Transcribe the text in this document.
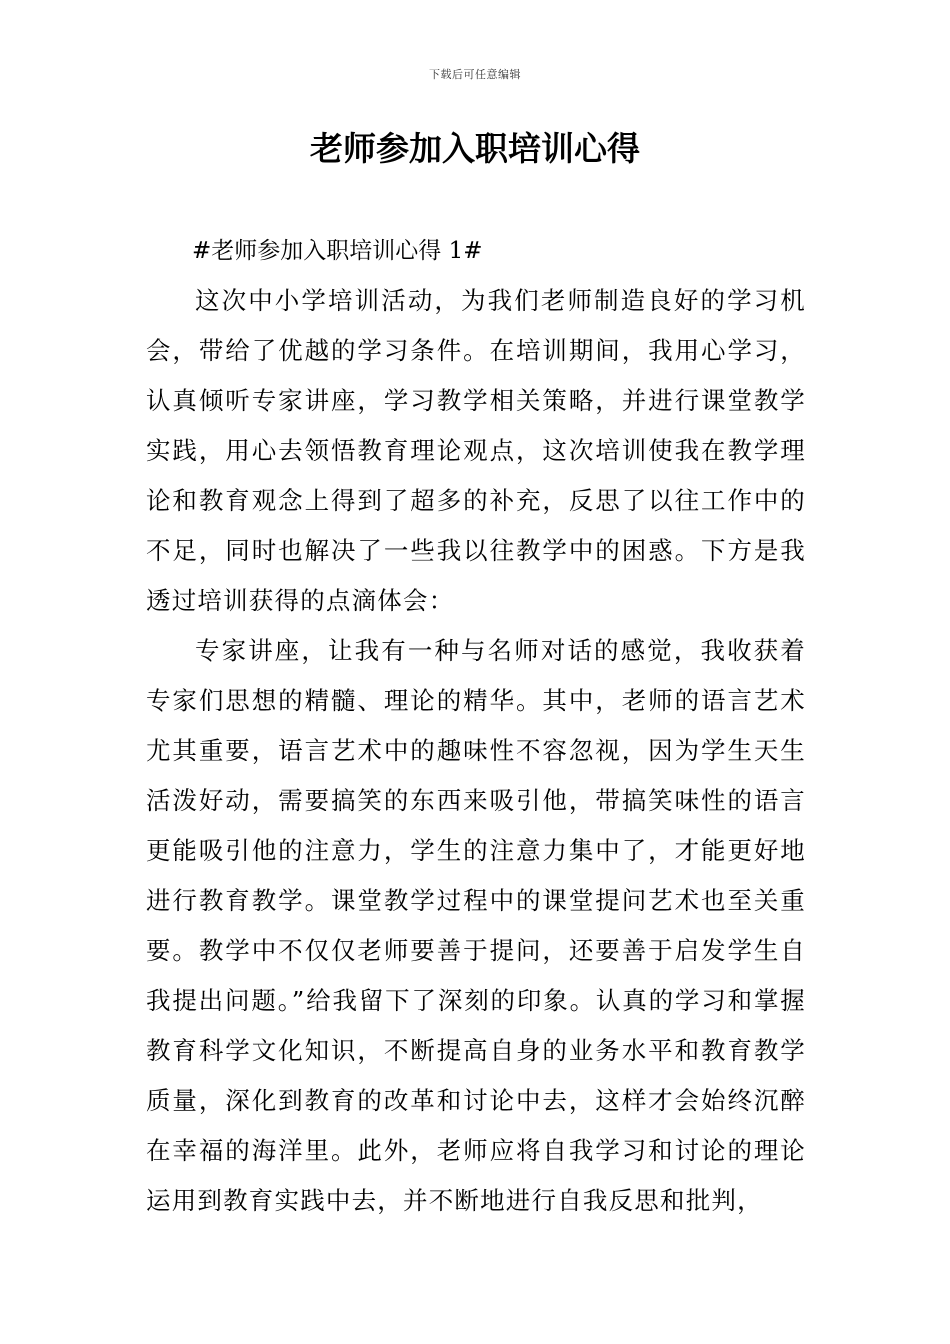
下载后可任意编辑
老师参加入职培训心得

#老师参加入职培训心得 1#

这次中小学培训活动，为我们老师制造良好的学习机会，带给了优越的学习条件。在培训期间，我用心学习，认真倾听专家讲座，学习教学相关策略，并进行课堂教学实践，用心去领悟教育理论观点，这次培训使我在教学理论和教育观念上得到了超多的补充，反思了以往工作中的不足，同时也解决了一些我以往教学中的困惑。下方是我透过培训获得的点滴体会：

专家讲座，让我有一种与名师对话的感觉，我收获着专家们思想的精髓、理论的精华。其中，老师的语言艺术尤其重要，语言艺术中的趣味性不容忽视，因为学生天生活泼好动，需要搞笑的东西来吸引他，带搞笑味性的语言更能吸引他的注意力，学生的注意力集中了，才能更好地进行教育教学。课堂教学过程中的课堂提问艺术也至关重要。教学中不仅仅老师要善于提问，还要善于启发学生自我提出问题。”给我留下了深刻的印象。认真的学习和掌握教育科学文化知识，不断提高自身的业务水平和教育教学质量，深化到教育的改革和讨论中去，这样才会始终沉醉在幸福的海洋里。此外，老师应将自我学习和讨论的理论运用到教育实践中去，并不断地进行自我反思和批判，
